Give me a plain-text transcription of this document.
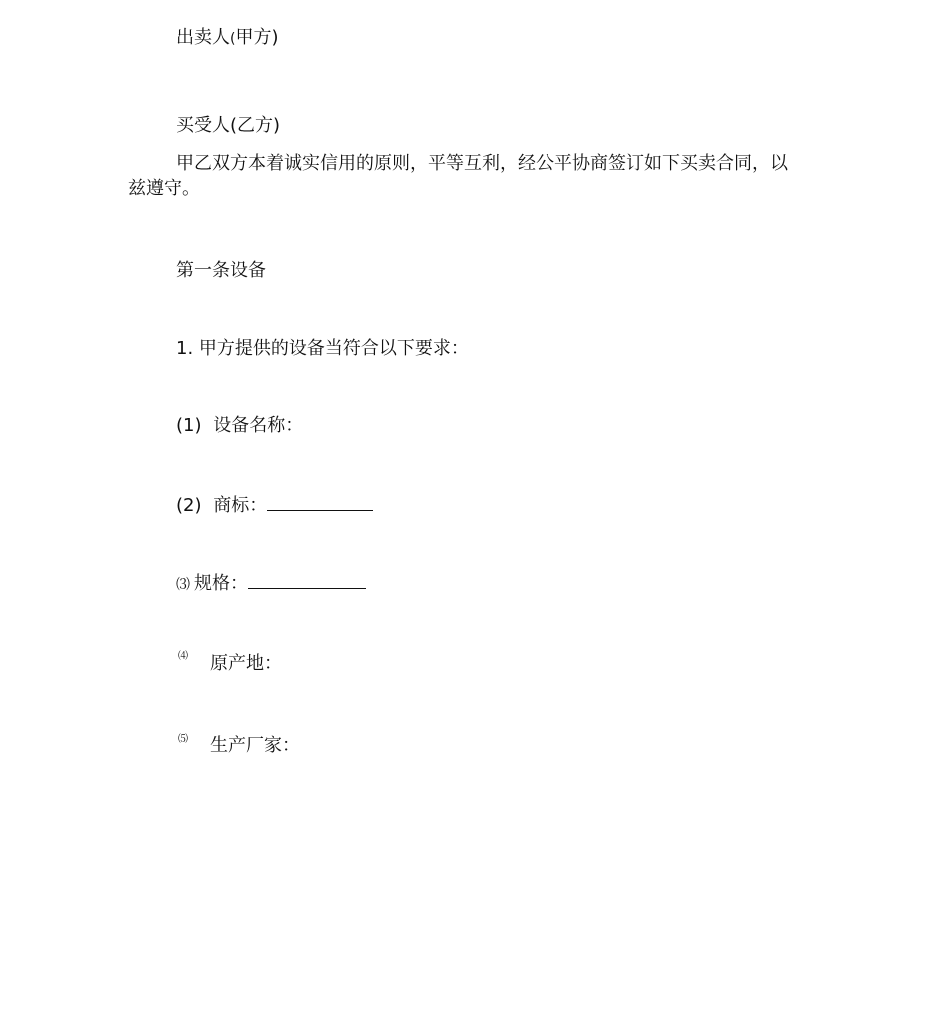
出卖人(甲方)
买受人(乙方)
甲乙双方本着诚实信用的原则，平等互利，经公平协商签订如下买卖合同，以兹遵守。
第一条设备
1. 甲方提供的设备当符合以下要求：
(1) 设备名称：
(2) 商标：
⑶ 规格：
⑷ 原产地：
⑸ 生产厂家：
